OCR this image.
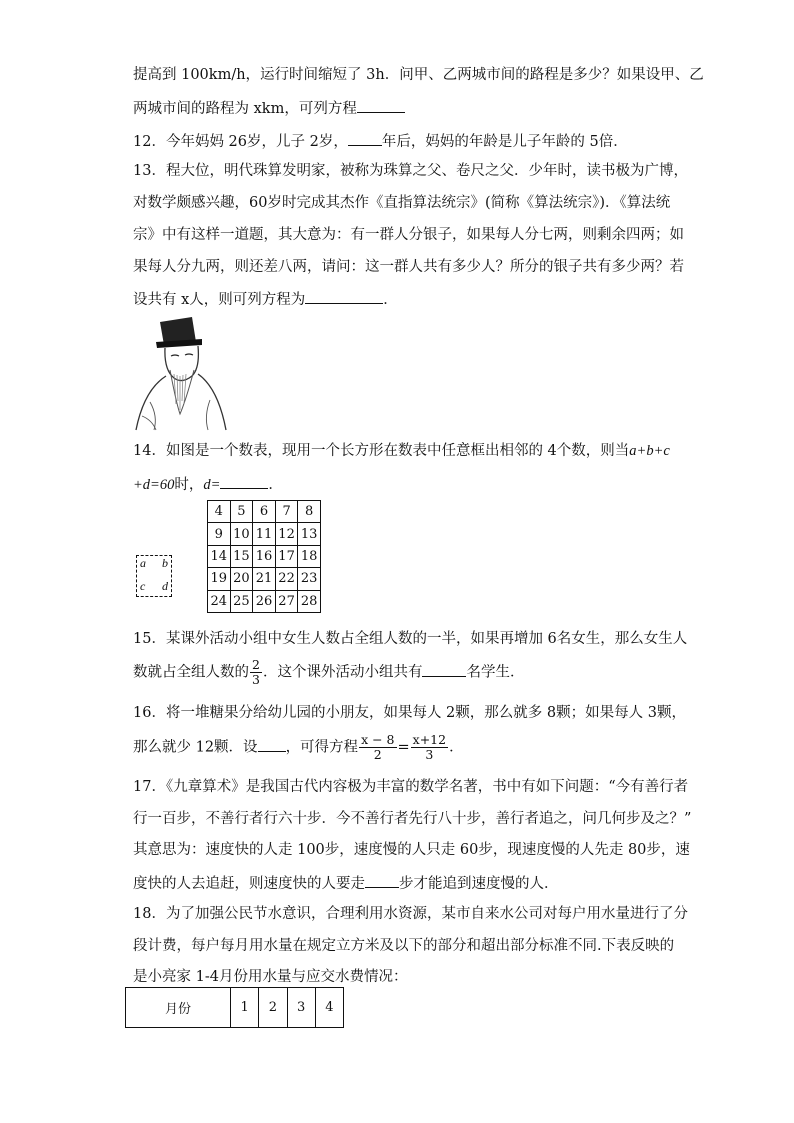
提高到 100km/h，运行时间缩短了 3h．问甲、乙两城市间的路程是多少？如果设甲、乙
两城市间的路程为 xkm，可列方程
12．今年妈妈 26岁，儿子 2岁， 年后，妈妈的年龄是儿子年龄的 5倍．
13．程大位，明代珠算发明家，被称为珠算之父、卷尺之父．少年时，读书极为广博，
对数学颇感兴趣，60岁时完成其杰作《直指算法统宗》(简称《算法统宗》)．《算法统
宗》中有这样一道题，其大意为：有一群人分银子，如果每人分七两，则剩余四两；如
果每人分九两，则还差八两，请问：这一群人共有多少人？所分的银子共有多少两？若
设共有 x人，则可列方程为	．
14．如图是一个数表，现用一个长方形在数表中任意框出相邻的 4个数，则当a+b+c
+d=60时，d=	．
a b
c d
4	5	6	7	8
9	10	11	12	13
14	15	16	17	18
19	20	21	22	23
24	25	26	27	28
15．某课外活动小组中女生人数占全组人数的一半，如果再增加 6名女生，那么女生人
数就占全组人数的 $\frac{2}{3}$ ．这个课外活动小组共有	名学生．
16．将一堆糖果分给幼儿园的小朋友，如果每人 2颗，那么就多 8颗；如果每人 3颗，
那么就少 12颗．设 ，可得方程 $\frac{x - 8}{2} = \frac{x+12}{3}$ ．
17．《九章算术》是我国古代内容极为丰富的数学名著，书中有如下问题：“今有善行者
行一百步，不善行者行六十步．今不善行者先行八十步，善行者追之，问几何步及之？”
其意思为：速度快的人走 100步，速度慢的人只走 60步，现速度慢的人先走 80步，速
度快的人去追赶，则速度快的人要走 步才能追到速度慢的人．
18．为了加强公民节水意识，合理利用水资源，某市自来水公司对每户用水量进行了分
段计费，每户每月用水量在规定立方米及以下的部分和超出部分标准不同.下表反映的
是小亮家 1-4月份用水量与应交水费情况：
月份	1	2	3	4
